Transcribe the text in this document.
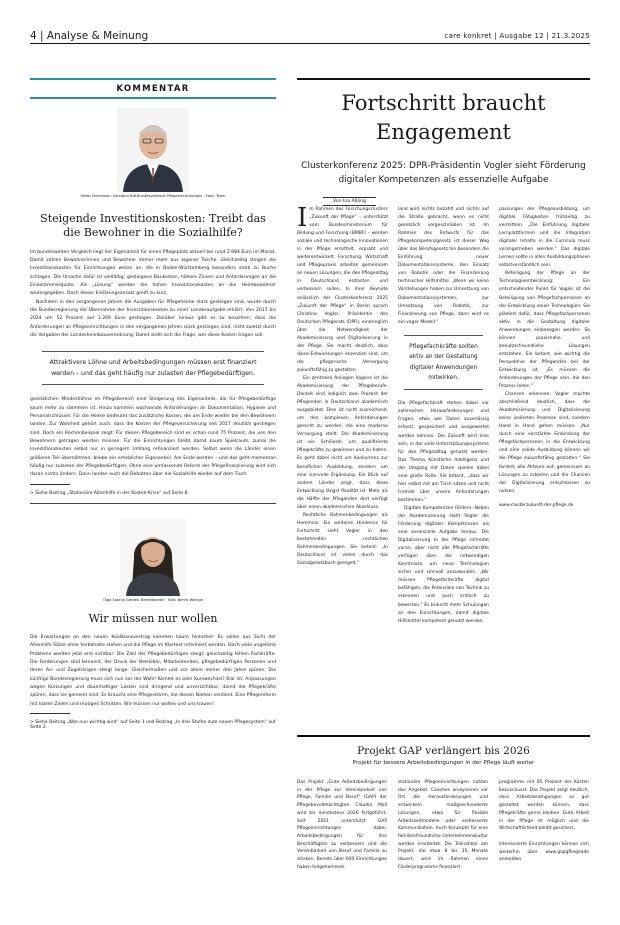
4 | Analyse & Meinung	care konkret | Ausgabe 12 | 21.3.2025
KOMMENTAR
Heiko Fenneman: Vorstand Bdf-Bundesverband Pflegeeinrichtungen · Foto: Team
Steigende Investitionskosten: Treibt das die Bewohner in die Sozialhilfe?
Im bundesweiten Vergleich liegt der Eigenanteil für einen Pflegeplatz aktuell bei rund 2.984 Euro im Monat. Damit zahlen Bewohnerinnen und Bewohner immer mehr aus eigener Tasche. Gleichzeitig steigen die Investitionskosten für Einrichtungen weiter an, die in Baden-Württemberg besonders stark zu Buche schlagen. Die Ursache dafür ist vielfältig: gestiegene Baukosten, höhere Zinsen und Anforderungen an die Einzelzimmerquote. Als „Lösung“ werden die hohen Investitionskosten an die Heimbewohner weitergegeben. Doch dieser Erklärungsansatz greift zu kurz.
Nachdem in den vergangenen Jahren die Ausgaben für Pflegeheime stark gestiegen sind, wurde durch die Bundesregierung die Übernahme der Investitionskosten zu einer Landesaufgabe erklärt. Von 2017 bis 2024 um 52 Prozent auf 1.269 Euro gestiegen. Darüber hinaus gibt es zu beachten, dass die Anforderungen an Pflegeeinrichtungen in den vergangenen Jahren stark gestiegen sind, nicht zuletzt durch die Vorgaben der Landesheimbauverordnung. Damit stellt sich die Frage, wer diese Kosten tragen soll.
Attraktivere Löhne und Arbeitsbedingungen müssen erst finanziert werden – und das geht häufig nur zulasten der Pflegebedürftigen.
gesetzlichen Mindestlöhne im Pflegebereich eine Steigerung des Eigenanteils, die für Pflegebedürftige kaum mehr zu stemmen ist. Hinzu kommen wachsende Anforderungen an Dokumentation, Hygiene und Personalschlüssel. Für die Heime bedeutet das zusätzliche Kosten, die am Ende wieder bei den Bewohnern landen. Zur Wahrheit gehört auch, dass die Kosten der Pflegeversicherung seit 2017 deutlich gestiegen sind. Doch ein Rechenbeispiel zeigt: Für diesen Pflegebereich sind es schon rund 75 Prozent, die von den Bewohnern getragen werden müssen. Für die Einrichtungen bleibt damit kaum Spielraum, zumal die Investitionskosten selbst nur in geringem Umfang refinanziert werden. Selbst wenn die Länder einen größeren Teil übernähmen, bliebe ein erheblicher Eigenanteil. Am Ende werden – und das geht momentan häufig nur zulasten der Pflegebedürftigen. Ohne eine umfassende Reform der Pflegefinanzierung wird sich daran nichts ändern. Dann landen auch die Debatten über die Sozialhilfe wieder auf dem Tisch.
> Siehe Beitrag „Stationäre Altenhilfe in der Kosten-Krise“ auf Seite 8.
Olga Sophia Gerdes, Betriebsratin · Foto: Bernd Wenige
Wir müssen nur wollen
Die Erwartungen an den neuen Koalitionsvertrag kommen kaum hinterher: Es sollen aus Sicht der Altenhilfe Sätze ohne Vorbehalte stehen und die Pflege im Klartext informiert werden. Doch viele ungelöste Probleme werden jetzt erst sichtbar: Die Zahl der Pflegebedürftigen steigt, gleichzeitig fehlen Fachkräfte. Die Forderungen sind benannt, der Druck der Betreiber, Mitarbeitenden, pflegebedürftigen Personen und deren An- und Zugehörigen steigt lange. Gleichermaßen und vor allem immer drei Jahre spüren: Die künftige Bundesregierung muss sich nun vor der Wahl! Kommt es oder Kurswechsel? Klar ist: Anpassungen wegen Kürzungen und dauerhaftiger Lasten sind dringend und unverzichtbar, damit die Pflegekräfte spüren, dass sie gemeint sind. Es braucht eine Pflegereform, die diesen Namen verdient. Eine Pflegereform mit klaren Zielen und mutigen Schritten. Wir müssen nur wollen und uns trauen!
> Siehe Beitrag „Was nun wichtig wird“ auf Seite 1 und Beitrag „In drei Stufen zum neuen Pflegesystem“ auf Seite 2.
Fortschritt braucht Engagement
Clusterkonferenz 2025: DPR-Präsidentin Vogler sieht Förderung digitaler Kompetenzen als essenzielle Aufgabe
Von Ina Aßling
I m Rahmen des Forschungsclusters „Zukunft der Pflege“ – unterstützt vom Bundesministerium für Bildung und Forschung (BMBF) – werden soziale und technologische Innovationen in der Pflege ermittelt, erprobt und weiterentwickelt. Forschung, Wirtschaft und Pflegepraxis arbeiten gemeinsam an neuen Lösungen, die den Pflegealltag in Deutschland entlasten und verbessern sollen. In ihrer Keynote anlässlich der Clusterkonferenz 2025 „Zukunft der Pflege“ in Berlin sprach Christine Vogler, Präsidentin des Deutschen Pflegerats (DPR), eindringlich über die Notwendigkeit der Akademisierung und Digitalisierung in der Pflege. Sie macht deutlich, dass diese Entwicklungen essenziell sind, um die pflegerische Versorgung zukunftsfähig zu gestalten.
Ein zentrales Anliegen Voglers ist die Akademisierung der Pflegeberufe. Derzeit sind lediglich zwei Prozent der Pflegenden in Deutschland akademisch ausgebildet. Dies ist nicht ausreichend, um den komplexen Anforderungen gerecht zu werden, die eine moderne Versorgung stellt. Die Akademisierung ist ein Schlüssel, um qualifizierte Pflegekräfte zu gewinnen und zu halten. Es geht dabei nicht um Konkurrenz zur beruflichen Ausbildung, sondern um eine sinnvolle Ergänzung. Ein Blick auf andere Länder zeigt, dass diese Entwicklung längst Realität ist. Mehr als die Hälfte der Pflegenden dort verfügt über einen akademischen Abschluss.
Rechtliche Rahmenbedingungen als Hemmnis: Ein weiteres Hindernis für Fortschritt sieht Vogler in den bestehenden rechtlichen Rahmenbedingungen. Sie betont: „In Deutschland ist vieles durch das Sozialgesetzbuch geregelt.“
land wird nichts bezahlt und nichts auf die Straße gebracht, wenn es nicht gesetzlich vorgeschrieben ist. Im Rahmen des Entwurfs für das Pflegekompetenzgesetz ist dieser Weg über das Berufsgesetz hin besonders die Einführung neuer Dokumentationssysteme, den Einsatz von Robotik oder die Finanzierung technischer Hilfsmittel. „Wenn wir keine Vorstellungen haben zur Umsetzung von Dokumentationssystemen, zur Umsetzung von Robotik, zur Finanzierung von Pflege, dann wird es ein vager Modell.“
Pflegefachkräfte sollten aktiv an der Gestaltung digitaler Anwendungen mitwirken.
Die Pflegefachkraft stehen dabei vor zahlreichen Herausforderungen und Fragen, etwa wie Daten zuverlässig erfasst, gespeichert und ausgewertet werden können. Die Zukunft wird eine sein, in der viele Unterstützungssysteme für den Pflegealltag genutzt werden. Das Thema Künstliche Intelligenz und der Umgang mit Daten spielen dabei eine große Rolle. Sie betont, „dass wir hier selbst mit am Tisch sitzen und nicht Fremde über unsere Anforderungen bestimmen.“
Digitale Kompetenzen fördern: Neben der Akademisierung stellt Vogler die Förderung digitaler Kompetenzen als eine essenzielle Aufgabe heraus. Die Digitalisierung in der Pflege schreitet voran, aber nicht alle Pflegefachkräfte verfügen über die notwendigen Kenntnisse, um neue Technologien sicher und sinnvoll anzuwenden. „Wir müssen Pflegefachkräfte digital befähigen, die Potenziale von Technik zu erkennen und auch kritisch zu bewerten.“ Es braucht mehr Schulungen an den Einrichtungen, damit digitale Hilfsmittel kompetent genutzt werden.
passungen der Pflegeausbildung, um digitale Fähigkeiten frühzeitig zu vermitteln. „Die Einführung digitaler Lernplattformen und die Integration digitaler Inhalte in die Curricula muss vorangetrieben werden.“ Das digitale Lernen sollte in allen Ausbildungsphasen selbstverständlich sein.
Beteiligung der Pflege an der Technologieentwicklung: Ein entscheidender Punkt für Vogler ist die Beteiligung von Pflegefachpersonen an der Entwicklung neuer Technologien. Sie plädiert dafür, dass Pflegefachpersonen aktiv in die Gestaltung digitaler Anwendungen einbezogen werden. So können praxisnahe und benutzerfreundliche Lösungen entstehen. Sie betont, wie wichtig die Perspektive der Pflegenden bei der Entwicklung ist. „Es müssen die Anforderungen der Pflege sein, die den Prozess leiten.“
Chancen erkennen: Vogler machte abschließend deutlich, dass die Akademisierung und Digitalisierung keine isolierten Prozesse sind, sondern Hand in Hand gehen müssen. „Nur durch eine verstärkte Einbindung der Pflegefachpersonen in die Entwicklung und eine solide Ausbildung können wir die Pflege zukunftsfähig gestalten.“ Sie fordert, alle Akteure auf, gemeinsam an Lösungen zu arbeiten und die Chancen der Digitalisierung entschlossen zu nutzen.
www.clusterzukunft-der-pflege.de
Projekt GAP verlängert bis 2026
Projekt für bessere Arbeitsbedingungen in der Pflege läuft weiter
Das Projekt „Gute Arbeitsbedingungen in der Pflege zur Vereinbarkeit von Pflege, Familie und Beruf“ (GAP) der Pflegebevollmächtigten Claudia Moll wird bis mindestens 2026 fortgeführt. Seit 2021 unterstützt GAP Pflegeeinrichtungen dabei, Arbeitsbedingungen für ihre Beschäftigten zu verbessern und die Vereinbarkeit von Beruf und Familie zu stärken. Bereits über 600 Einrichtungen haben teilgenommen.
stationäre Pflegeeinrichtungen nutzen das Angebot. Coaches analysieren vor Ort die Herausforderungen und entwickeln maßgeschneiderte Lösungen, etwa für flexible Arbeitszeitmodelle oder verbesserte Kommunikation. Auch Konzepte für eine familienfreundliche Unternehmenskultur werden erarbeitet. Die Teilnahme am Projekt, die etwa 8 bis 15 Monate dauert, wird im Rahmen eines Förderprogramms finanziert.
programms mit 85 Prozent der Kosten bezuschusst. Das Projekt zeigt deutlich, dass Arbeitsbedingungen so gut gestaltet werden können, dass Pflegekräfte gerne bleiben. Gute Arbeit in der Pflege ist möglich und die Wirtschaftlichkeit bleibt gesichert.
Interessierte Einrichtungen können sich weiterhin über www.gapgfllegeade anmelden.
